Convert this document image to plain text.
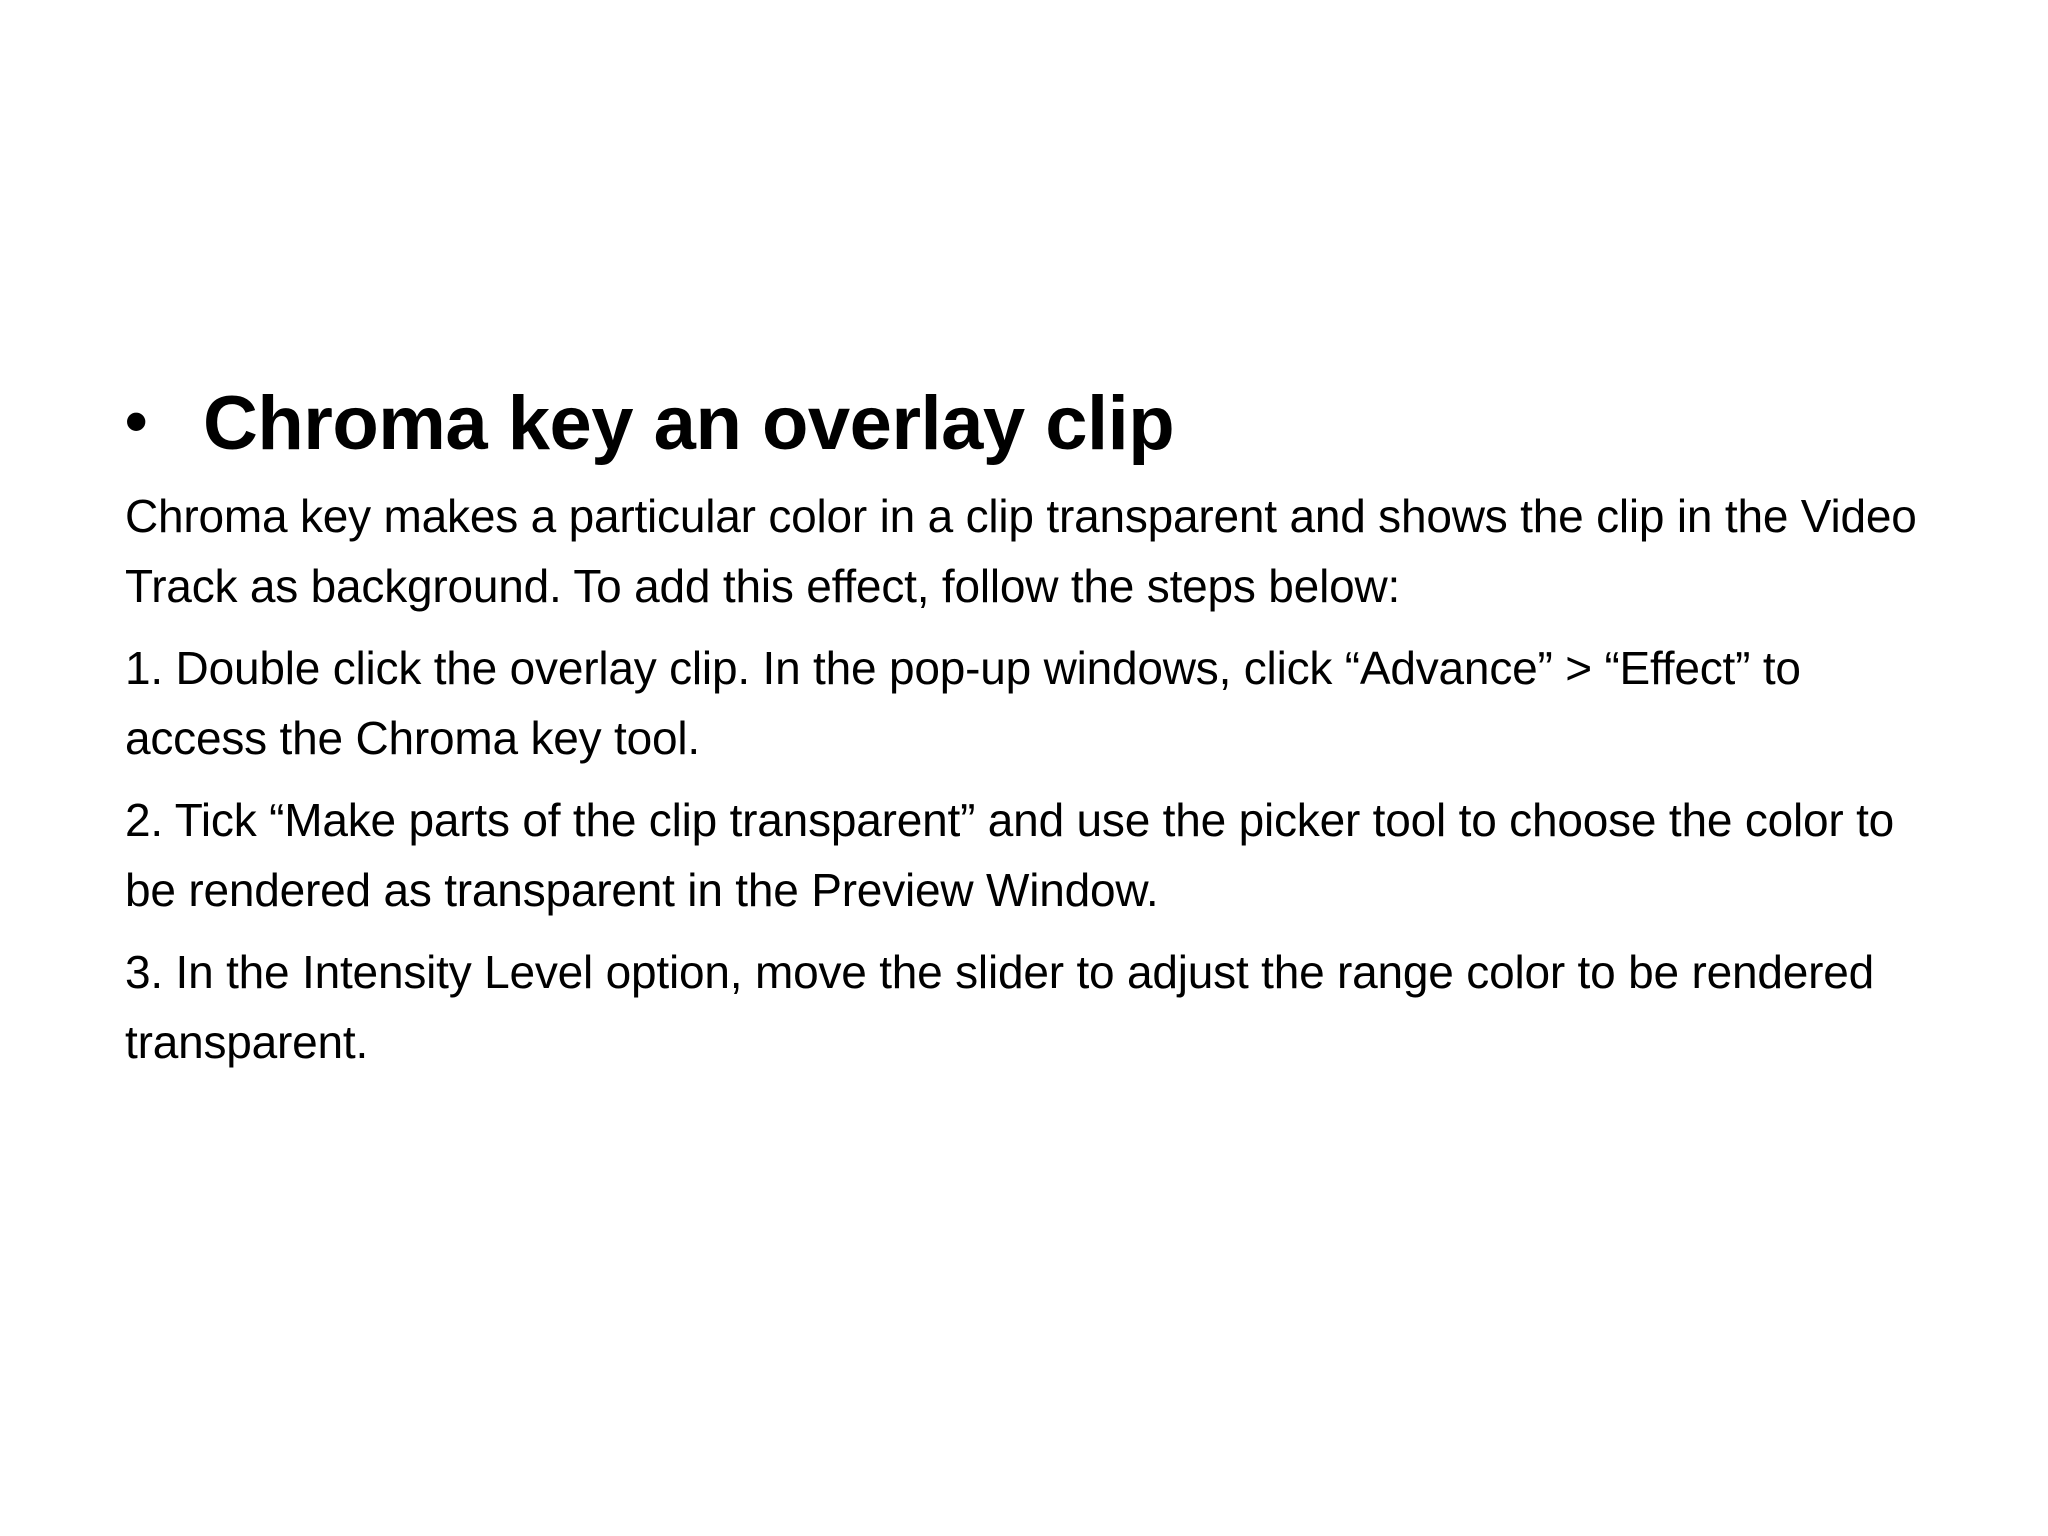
• Chroma key an overlay clip

Chroma key makes a particular color in a clip transparent and shows the clip in the Video Track as background. To add this effect, follow the steps below:

1. Double click the overlay clip. In the pop-up windows, click “Advance” > “Effect” to access the Chroma key tool.

2. Tick “Make parts of the clip transparent” and use the picker tool to choose the color to be rendered as transparent in the Preview Window.

3. In the Intensity Level option, move the slider to adjust the range color to be rendered transparent.
